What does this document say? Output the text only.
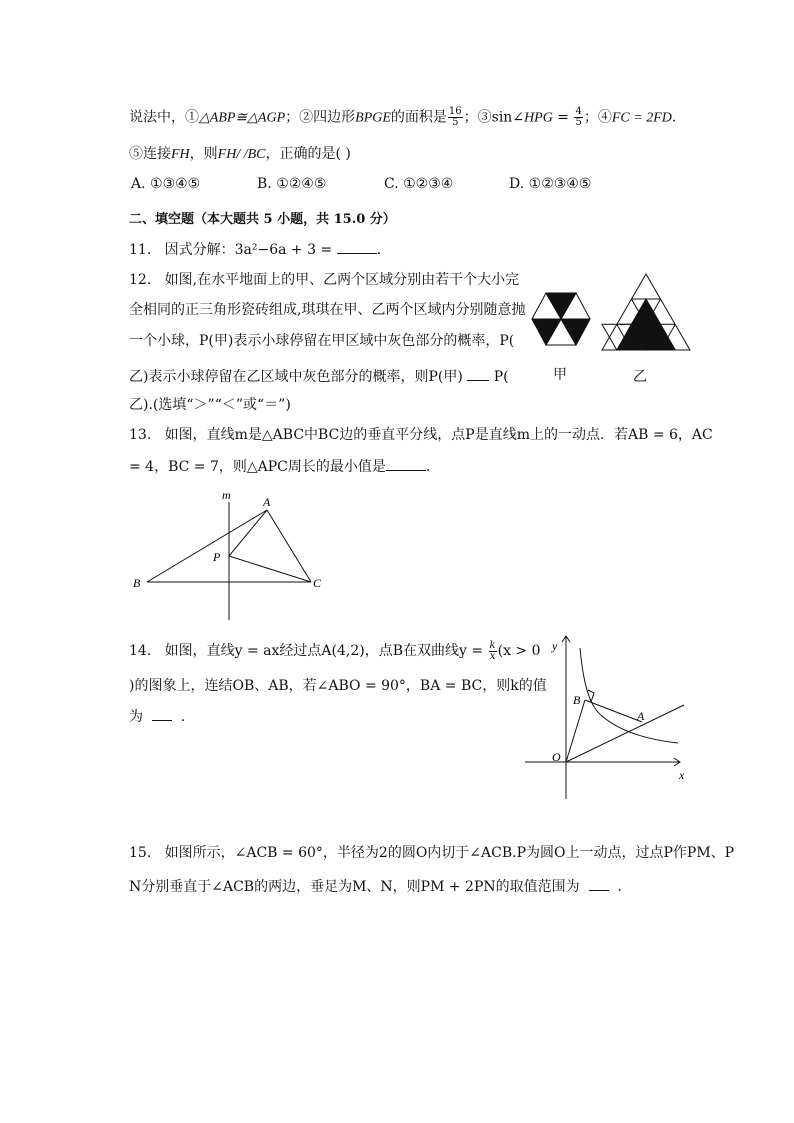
说法中，①△ABP≅△AGP；②四边形BPGE的面积是 $\frac{16}{5}$ ；③sin∠HPG = $\frac{4}{5}$ ；④FC = 2FD.
⑤连接FH，则FH/ /BC，正确的是( )
A. ①③④⑤	B. ①②④⑤	C. ①②③④	D. ①②③④⑤
二、填空题（本大题共 5 小题，共 15.0 分）
11. 因式分解：3a²−6a + 3 =	.
12. 如图,在水平地面上的甲、乙两个区域分别由若干个大小完
全相同的正三角形瓷砖组成,琪琪在甲、乙两个区域内分别随意抛
一个小球，P(甲)表示小球停留在甲区域中灰色部分的概率，P(
乙)表示小球停留在乙区域中灰色部分的概率，则P(甲) P(
乙).(选填“＞”“＜”或“＝”)
甲	乙
13. 如图，直线m是△ABC中BC边的垂直平分线，点P是直线m上的一动点．若AB = 6，AC
= 4，BC = 7，则△APC周长的最小值是	.
m	A
P
B	C
14. 如图，直线y = ax经过点A(4,2)，点B在双曲线$y = \frac{k}{x} (x > 0$
)的图象上，连结OB、AB，若∠ABO = 90°，BA = BC，则k的值
为	.
y
x
O
B
A
15. 如图所示，∠ACB = 60°，半径为2的圆O内切于∠ACB.P为圆O上一动点，过点P作PM、P
N分别垂直于∠ACB的两边，垂足为M、N，则PM + 2PN的取值范围为	.
